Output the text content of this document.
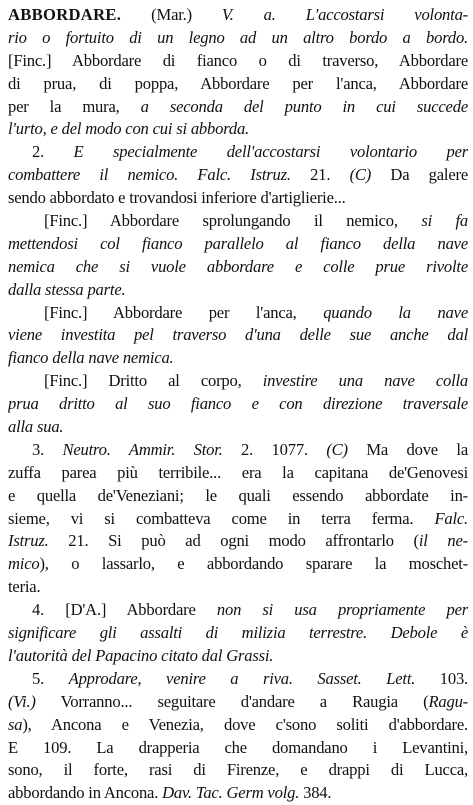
ABBORDARE. (Mar.) V. a. L'accostarsi volonta-
rio o fortuito di un legno ad un altro bordo a bordo.
[Finc.] Abbordare di fianco o di traverso, Abbordare
di prua, di poppa, Abbordare per l'anca, Abbordare
per la mura, a seconda del punto in cui succede
l'urto, e del modo con cui si abborda.
2. E specialmente dell'accostarsi volontario per
combattere il nemico. Falc. Istruz. 21. (C) Da galere
sendo abbordato e trovandosi inferiore d'artiglierie...
[Finc.] Abbordare sprolungando il nemico, si fa
mettendosi col fianco parallelo al fianco della nave
nemica che si vuole abbordare e colle prue rivolte
dalla stessa parte.
[Finc.] Abbordare per l'anca, quando la nave
viene investita pel traverso d'una delle sue anche dal
fianco della nave nemica.
[Finc.] Dritto al corpo, investire una nave colla
prua dritto al suo fianco e con direzione traversale
alla sua.
3. Neutro. Ammir. Stor. 2. 1077. (C) Ma dove la
zuffa parea più terribile... era la capitana de'Genovesi
e quella de'Veneziani; le quali essendo abbordate in-
sieme, vi si combatteva come in terra ferma. Falc.
Istruz. 21. Si può ad ogni modo affrontarlo (il ne-
mico), o lassarlo, e abbordando sparare la moschet-
teria.
4. [D'A.] Abbordare non si usa propriamente per
significare gli assalti di milizia terrestre. Debole è
l'autorità del Papacino citato dal Grassi.
5. Approdare, venire a riva. Sasset. Lett. 103.
(Vi.) Vorranno... seguitare d'andare a Raugia (Ragu-
sa), Ancona e Venezia, dove c'sono soliti d'abbordare.
E 109. La drapperia che domandano i Levantini,
sono, il forte, rasi di Firenze, e drappi di Lucca,
abbordando in Ancona. Dav. Tac. Germ volg. 384.
